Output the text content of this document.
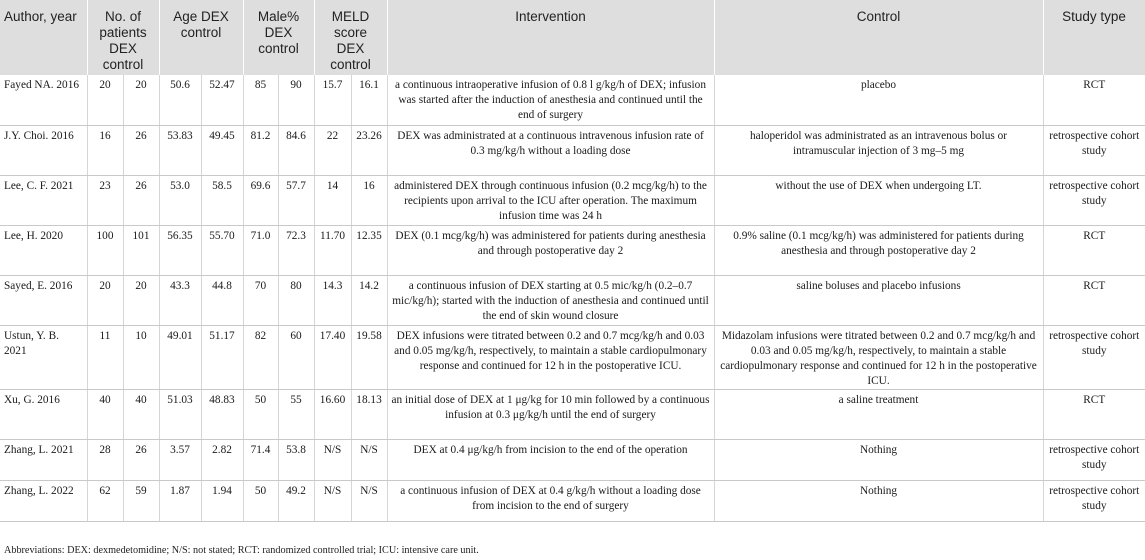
Author, year	No. of patients DEX control		Age DEX control		Male% DEX control		MELD score DEX control		Intervention	Control	Study type
Fayed NA. 2016	20	20	50.6	52.47	85	90	15.7	16.1	a continuous intraoperative infusion of 0.8 l g/kg/h of DEX; infusion was started after the induction of anesthesia and continued until the end of surgery	placebo	RCT
J.Y. Choi. 2016	16	26	53.83	49.45	81.2	84.6	22	23.26	DEX was administrated at a continuous intravenous infusion rate of 0.3 mg/kg/h without a loading dose	haloperidol was administrated as an intravenous bolus or intramuscular injection of 3 mg–5 mg	retrospective cohort study
Lee, C. F. 2021	23	26	53.0	58.5	69.6	57.7	14	16	administered DEX through continuous infusion (0.2 mcg/kg/h) to the recipients upon arrival to the ICU after operation. The maximum infusion time was 24 h	without the use of DEX when undergoing LT.	retrospective cohort study
Lee, H. 2020	100	101	56.35	55.70	71.0	72.3	11.70	12.35	DEX (0.1 mcg/kg/h) was administered for patients during anesthesia and through postoperative day 2	0.9% saline (0.1 mcg/kg/h) was administered for patients during anesthesia and through postoperative day 2	RCT
Sayed, E. 2016	20	20	43.3	44.8	70	80	14.3	14.2	a continuous infusion of DEX starting at 0.5 mic/kg/h (0.2–0.7 mic/kg/h); started with the induction of anesthesia and continued until the end of skin wound closure	saline boluses and placebo infusions	RCT
Ustun, Y. B. 2021	11	10	49.01	51.17	82	60	17.40	19.58	DEX infusions were titrated between 0.2 and 0.7 mcg/kg/h and 0.03 and 0.05 mg/kg/h, respectively, to maintain a stable cardiopulmonary response and continued for 12 h in the postoperative ICU.	Midazolam infusions were titrated between 0.2 and 0.7 mcg/kg/h and 0.03 and 0.05 mg/kg/h, respectively, to maintain a stable cardiopulmonary response and continued for 12 h in the postoperative ICU.	retrospective cohort study
Xu, G. 2016	40	40	51.03	48.83	50	55	16.60	18.13	an initial dose of DEX at 1 μg/kg for 10 min followed by a continuous infusion at 0.3 μg/kg/h until the end of surgery	a saline treatment	RCT
Zhang, L. 2021	28	26	3.57	2.82	71.4	53.8	N/S	N/S	DEX at 0.4 μg/kg/h from incision to the end of the operation	Nothing	retrospective cohort study
Zhang, L. 2022	62	59	1.87	1.94	50	49.2	N/S	N/S	a continuous infusion of DEX at 0.4 g/kg/h without a loading dose from incision to the end of surgery	Nothing	retrospective cohort study
Abbreviations: DEX: dexmedetomidine; N/S: not stated; RCT: randomized controlled trial; ICU: intensive care unit.
